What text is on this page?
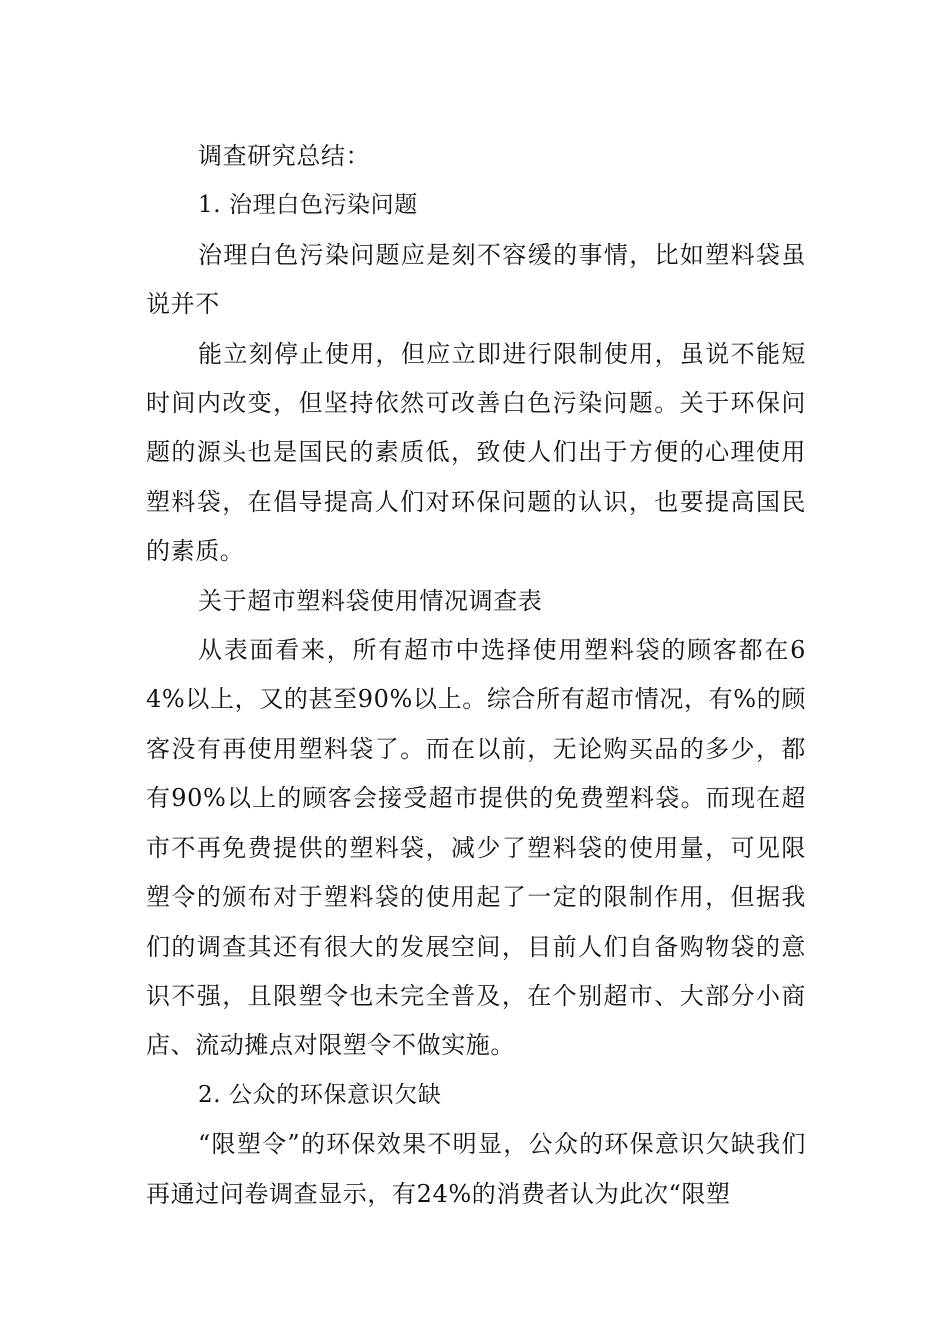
调查研究总结：

1. 治理白色污染问题

治理白色污染问题应是刻不容缓的事情，比如塑料袋虽说并不

能立刻停止使用，但应立即进行限制使用，虽说不能短时间内改变，但坚持依然可改善白色污染问题。关于环保问题的源头也是国民的素质低，致使人们出于方便的心理使用塑料袋，在倡导提高人们对环保问题的认识，也要提高国民的素质。

关于超市塑料袋使用情况调查表

从表面看来，所有超市中选择使用塑料袋的顾客都在64%以上，又的甚至90%以上。综合所有超市情况，有%的顾客没有再使用塑料袋了。而在以前，无论购买品的多少，都有90%以上的顾客会接受超市提供的免费塑料袋。而现在超市不再免费提供的塑料袋，减少了塑料袋的使用量，可见限塑令的颁布对于塑料袋的使用起了一定的限制作用，但据我们的调查其还有很大的发展空间，目前人们自备购物袋的意识不强，且限塑令也未完全普及，在个别超市、大部分小商店、流动摊点对限塑令不做实施。

2. 公众的环保意识欠缺

“限塑令”的环保效果不明显，公众的环保意识欠缺我们再通过问卷调查显示，有24%的消费者认为此次“限塑
